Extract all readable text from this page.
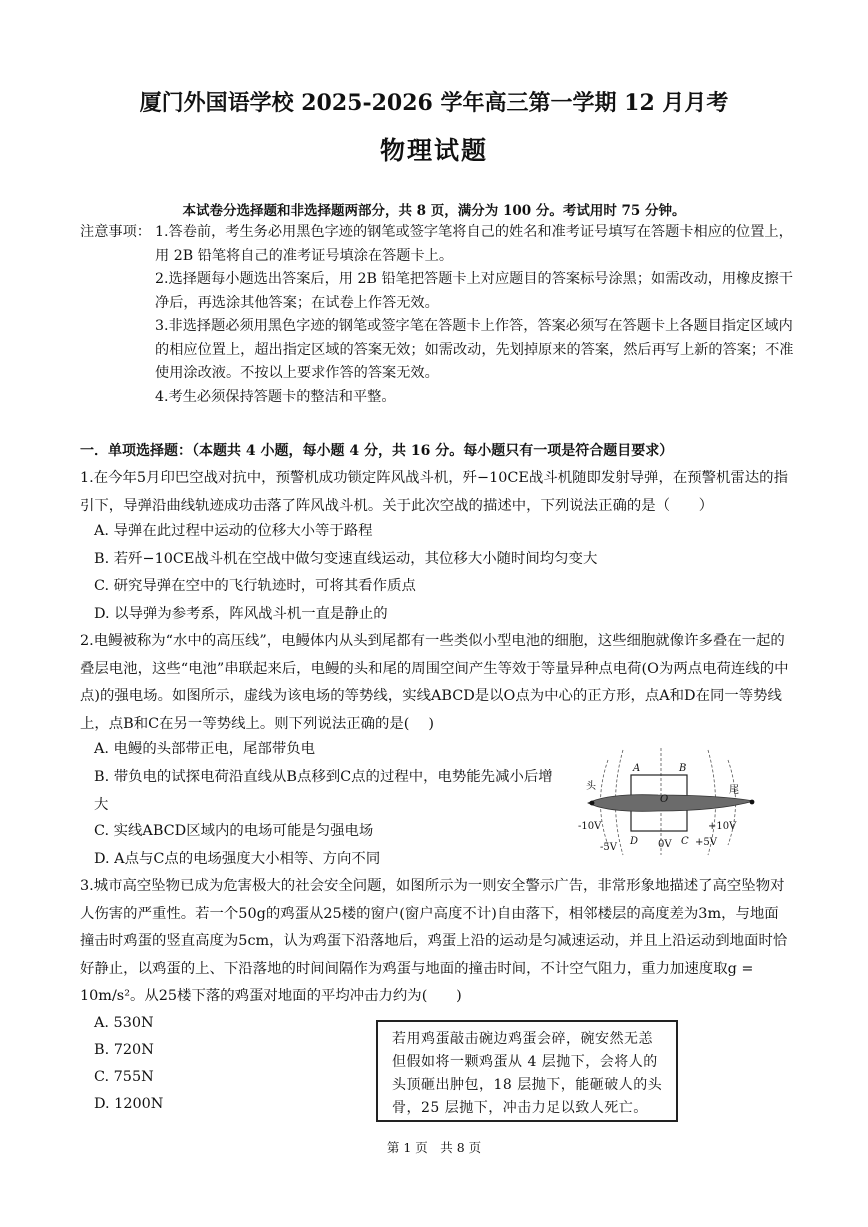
厦门外国语学校 2025-2026 学年高三第一学期 12 月月考
物理试题
本试卷分选择题和非选择题两部分，共 8 页，满分为 100 分。考试用时 75 分钟。
注意事项： 1.答卷前，考生务必用黑色字迹的钢笔或签字笔将自己的姓名和准考证号填写在答题卡相应的位置上，用 2B 铅笔将自己的准考证号填涂在答题卡上。
2.选择题每小题选出答案后，用 2B 铅笔把答题卡上对应题目的答案标号涂黑；如需改动，用橡皮擦干净后，再选涂其他答案；在试卷上作答无效。
3.非选择题必须用黑色字迹的钢笔或签字笔在答题卡上作答，答案必须写在答题卡上各题目指定区域内的相应位置上，超出指定区域的答案无效；如需改动，先划掉原来的答案，然后再写上新的答案；不准使用涂改液。不按以上要求作答的答案无效。
4.考生必须保持答题卡的整洁和平整。
一．单项选择题：（本题共 4 小题，每小题 4 分，共 16 分。每小题只有一项是符合题目要求）
1.在今年5月印巴空战对抗中，预警机成功锁定阵风战斗机，歼−10CE战斗机随即发射导弹，在预警机雷达的指引下，导弹沿曲线轨迹成功击落了阵风战斗机。关于此次空战的描述中，下列说法正确的是（　　）
A. 导弹在此过程中运动的位移大小等于路程
B. 若歼−10CE战斗机在空战中做匀变速直线运动，其位移大小随时间均匀变大
C. 研究导弹在空中的飞行轨迹时，可将其看作质点
D. 以导弹为参考系，阵风战斗机一直是静止的
2.电鳗被称为“水中的高压线”，电鳗体内从头到尾都有一些类似小型电池的细胞，这些细胞就像许多叠在一起的叠层电池，这些“电池”串联起来后，电鳗的头和尾的周围空间产生等效于等量异种点电荷(O为两点电荷连线的中点)的强电场。如图所示，虚线为该电场的等势线，实线ABCD是以O点为中心的正方形，点A和D在同一等势线上，点B和C在另一等势线上。则下列说法正确的是(　 )
A. 电鳗的头部带正电，尾部带负电
B. 带负电的试探电荷沿直线从B点移到C点的过程中，电势能先减小后增大
C. 实线ABCD区域内的电场可能是匀强电场
D. A点与C点的电场强度大小相等、方向不同
头	尾
A	B
C
D
O
-10V
-5V	0V +5V
+10V
3.城市高空坠物已成为危害极大的社会安全问题，如图所示为一则安全警示广告，非常形象地描述了高空坠物对人伤害的严重性。若一个50g的鸡蛋从25楼的窗户(窗户高度不计)自由落下，相邻楼层的高度差为3m，与地面撞击时鸡蛋的竖直高度为5cm，认为鸡蛋下沿落地后，鸡蛋上沿的运动是匀减速运动，并且上沿运动到地面时恰好静止，以鸡蛋的上、下沿落地的时间间隔作为鸡蛋与地面的撞击时间，不计空气阻力，重力加速度取g = 10m/s²。从25楼下落的鸡蛋对地面的平均冲击力约为(　　)
A. 530N
B. 720N
C. 755N
D. 1200N
若用鸡蛋敲击碗边鸡蛋会碎，碗安然无恙
但假如将一颗鸡蛋从 4 层抛下，会将人的
头顶砸出肿包，18 层抛下，能砸破人的头
骨，25 层抛下，冲击力足以致人死亡。
第 1 页　共 8 页
